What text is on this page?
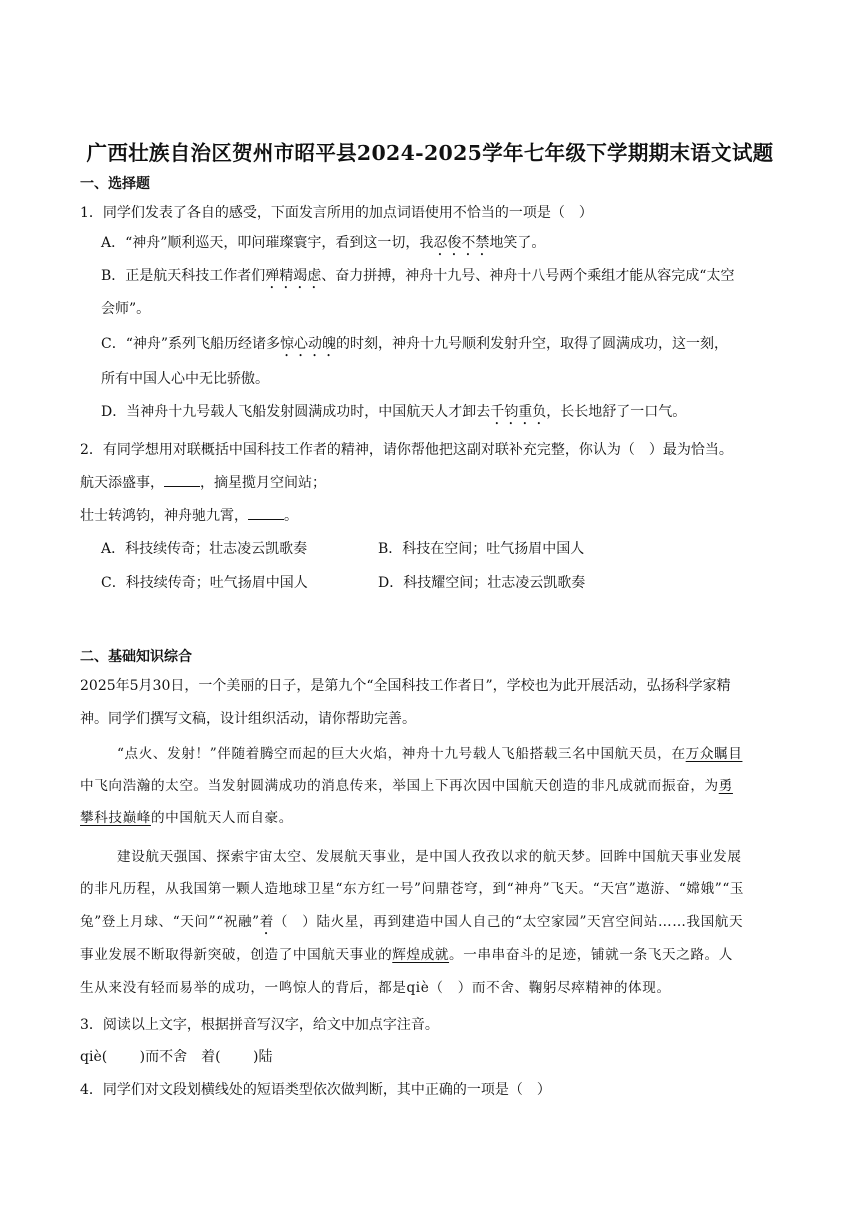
广西壮族自治区贺州市昭平县2024-2025学年七年级下学期期末语文试题
一、选择题
1．同学们发表了各自的感受，下面发言所用的加点词语使用不恰当的一项是（　）
A．“神舟”顺利巡天，叩问璀璨寰宇，看到这一切，我忍俊不禁地笑了。
B．正是航天科技工作者们殚精竭虑、奋力拼搏，神舟十九号、神舟十八号两个乘组才能从容完成“太空
会师”。
C．“神舟”系列飞船历经诸多惊心动魄的时刻，神舟十九号顺利发射升空，取得了圆满成功，这一刻，
所有中国人心中无比骄傲。
D．当神舟十九号载人飞船发射圆满成功时，中国航天人才卸去千钧重负，长长地舒了一口气。
2．有同学想用对联概括中国科技工作者的精神，请你帮他把这副对联补充完整，你认为（　）最为恰当。
航天添盛事，	，摘星揽月空间站；
壮士转鸿钧，神舟驰九霄，	。
A．科技续传奇；壮志凌云凯歌奏	B．科技在空间；吐气扬眉中国人
C．科技续传奇；吐气扬眉中国人	D．科技耀空间；壮志凌云凯歌奏
二、基础知识综合
2025年5月30日，一个美丽的日子，是第九个“全国科技工作者日”，学校也为此开展活动，弘扬科学家精
神。同学们撰写文稿，设计组织活动，请你帮助完善。
“点火、发射！”伴随着腾空而起的巨大火焰，神舟十九号载人飞船搭载三名中国航天员，在万众瞩目
中飞向浩瀚的太空。当发射圆满成功的消息传来，举国上下再次因中国航天创造的非凡成就而振奋，为勇
攀科技巅峰的中国航天人而自豪。
建设航天强国、探索宇宙太空、发展航天事业，是中国人孜孜以求的航天梦。回眸中国航天事业发展
的非凡历程，从我国第一颗人造地球卫星“东方红一号”问鼎苍穹，到“神舟”飞天。“天宫”遨游、“嫦娥”“玉
兔”登上月球、“天问”“祝融”着（　）陆火星，再到建造中国人自己的“太空家园”天宫空间站……我国航天
事业发展不断取得新突破，创造了中国航天事业的辉煌成就。一串串奋斗的足迹，铺就一条飞天之路。人
生从来没有轻而易举的成功，一鸣惊人的背后，都是qiè（　）而不舍、鞠躬尽瘁精神的体现。
3．阅读以上文字，根据拼音写汉字，给文中加点字注音。
qiè(　　 )而不舍　着(　　 )陆
4．同学们对文段划横线处的短语类型依次做判断，其中正确的一项是（　）
